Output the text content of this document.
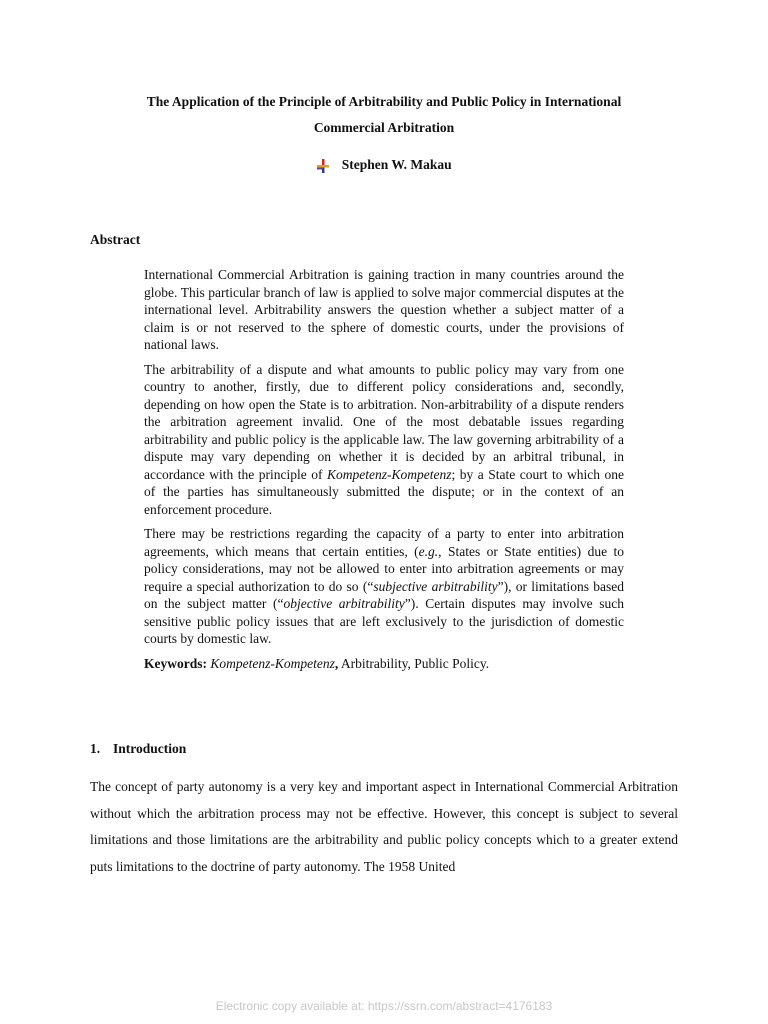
The Application of the Principle of Arbitrability and Public Policy in International
Commercial Arbitration
Stephen W. Makau
Abstract

International Commercial Arbitration is gaining traction in many countries around the globe. This particular branch of law is applied to solve major commercial disputes at the international level. Arbitrability answers the question whether a subject matter of a claim is or not reserved to the sphere of domestic courts, under the provisions of national laws.

The arbitrability of a dispute and what amounts to public policy may vary from one country to another, firstly, due to different policy considerations and, secondly, depending on how open the State is to arbitration. Non-arbitrability of a dispute renders the arbitration agreement invalid. One of the most debatable issues regarding arbitrability and public policy is the applicable law. The law governing arbitrability of a dispute may vary depending on whether it is decided by an arbitral tribunal, in accordance with the principle of Kompetenz-Kompetenz; by a State court to which one of the parties has simultaneously submitted the dispute; or in the context of an enforcement procedure.

There may be restrictions regarding the capacity of a party to enter into arbitration agreements, which means that certain entities, (e.g., States or State entities) due to policy considerations, may not be allowed to enter into arbitration agreements or may require a special authorization to do so (“subjective arbitrability”), or limitations based on the subject matter (“objective arbitrability”). Certain disputes may involve such sensitive public policy issues that are left exclusively to the jurisdiction of domestic courts by domestic law.

Keywords: Kompetenz-Kompetenz, Arbitrability, Public Policy.

1. Introduction

The concept of party autonomy is a very key and important aspect in International Commercial Arbitration without which the arbitration process may not be effective. However, this concept is subject to several limitations and those limitations are the arbitrability and public policy concepts which to a greater extend puts limitations to the doctrine of party autonomy. The 1958 United

Electronic copy available at: https://ssrn.com/abstract=4176183
